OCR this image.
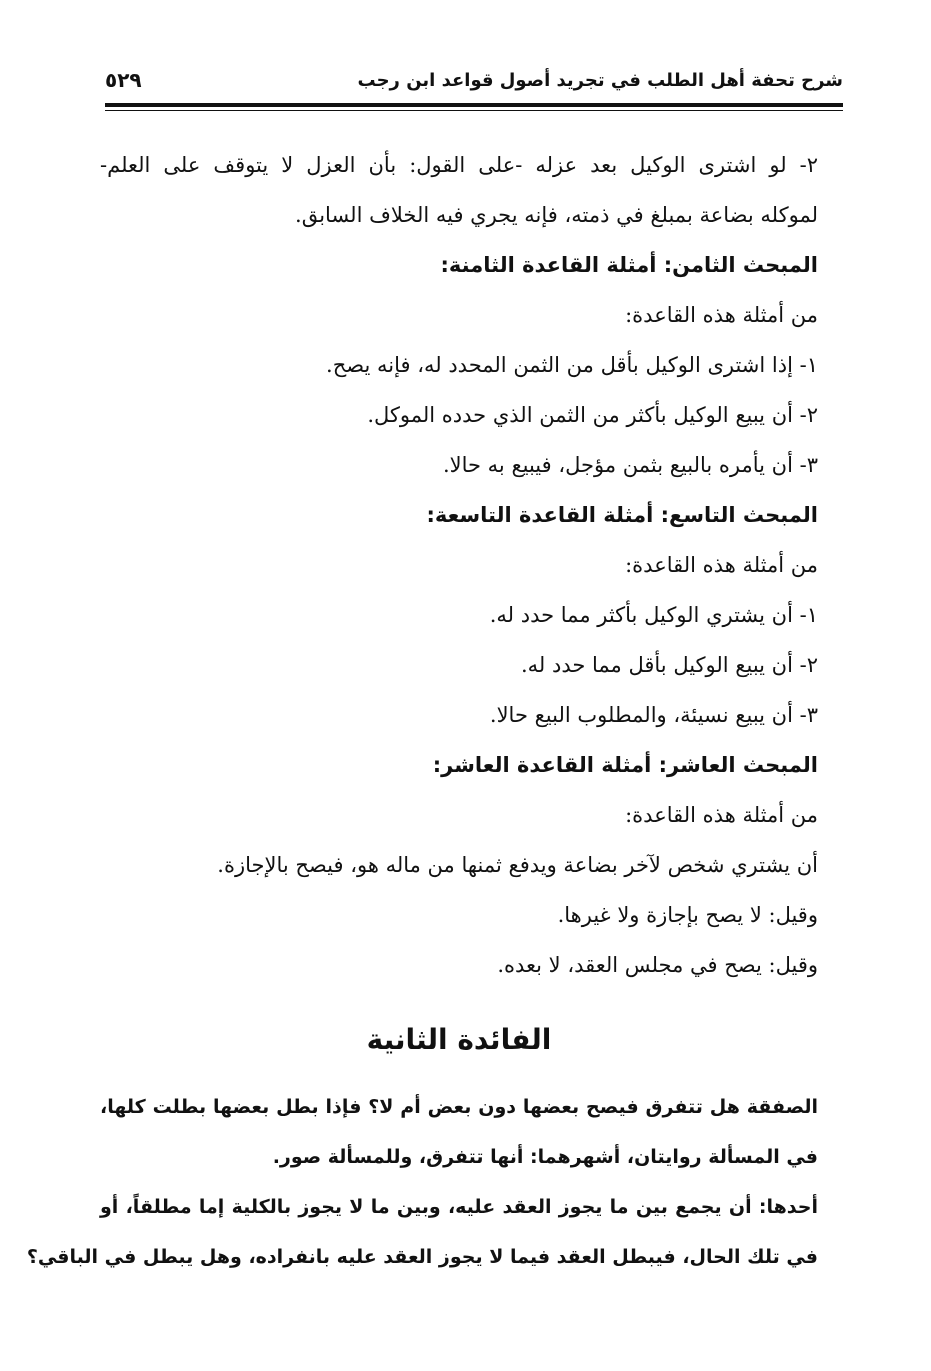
شرح تحفة أهل الطلب في تجريد أصول قواعد ابن رجب
٥٢٩
٢- لو اشترى الوكيل بعد عزله -على القول: بأن العزل لا يتوقف على العلم-
لموكله بضاعة بمبلغ في ذمته، فإنه يجري فيه الخلاف السابق.
المبحث الثامن: أمثلة القاعدة الثامنة:
من أمثلة هذه القاعدة:
١- إذا اشترى الوكيل بأقل من الثمن المحدد له، فإنه يصح.
٢- أن يبيع الوكيل بأكثر من الثمن الذي حدده الموكل.
٣- أن يأمره بالبيع بثمن مؤجل، فيبيع به حالا.
المبحث التاسع: أمثلة القاعدة التاسعة:
من أمثلة هذه القاعدة:
١- أن يشتري الوكيل بأكثر مما حدد له.
٢- أن يبيع الوكيل بأقل مما حدد له.
٣- أن يبيع نسيئة، والمطلوب البيع حالا.
المبحث العاشر: أمثلة القاعدة العاشر:
من أمثلة هذه القاعدة:
أن يشتري شخص لآخر بضاعة ويدفع ثمنها من ماله هو، فيصح بالإجازة.
وقيل: لا يصح بإجازة ولا غيرها.
وقيل: يصح في مجلس العقد، لا بعده.
الفائدة الثانية
الصفقة هل تتفرق فيصح بعضها دون بعض أم لا؟ فإذا بطل بعضها بطلت كلها،
في المسألة روايتان، أشهرهما: أنها تتفرق، وللمسألة صور.
أحدها: أن يجمع بين ما يجوز العقد عليه، وبين ما لا يجوز بالكلية إما مطلقاً، أو
في تلك الحال، فيبطل العقد فيما لا يجوز العقد عليه بانفراده، وهل يبطل في الباقي؟
